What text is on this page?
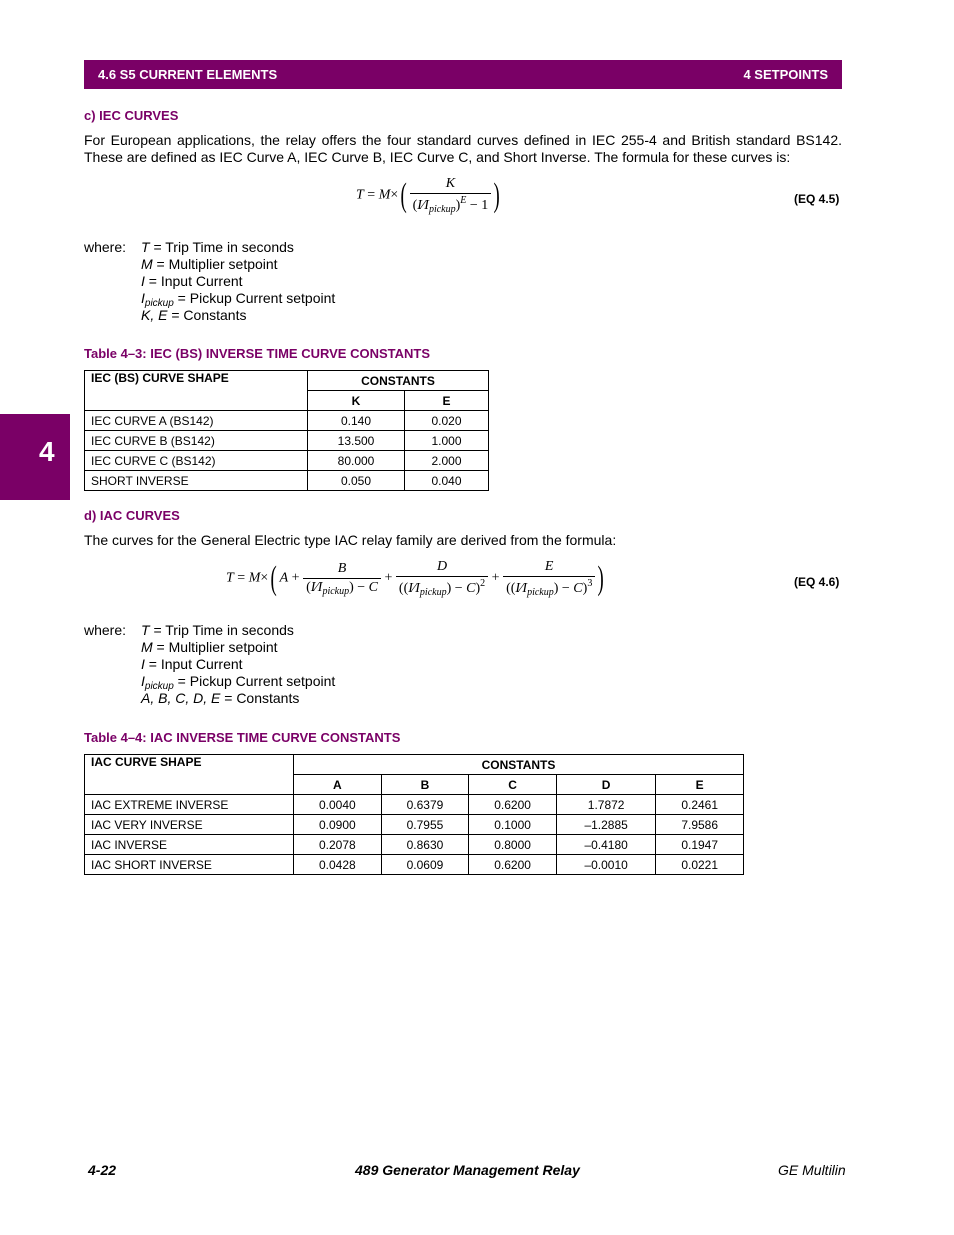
4.6 S5 CURRENT ELEMENTS	4 SETPOINTS
4
c) IEC CURVES
For European applications, the relay offers the four standard curves defined in IEC 255-4 and British standard BS142. These are defined as IEC Curve A, IEC Curve B, IEC Curve C, and Short Inverse. The formula for these curves is:
$T = M\times( \frac{K}{(I⁄I_{pickup})^E - 1}$ )	(EQ 4.5)
where: T = Trip Time in seconds
M = Multiplier setpoint
I = Input Current
$I_{pickup}$ = Pickup Current setpoint
K, E = Constants
Table 4–3: IEC (BS) INVERSE TIME CURVE CONSTANTS
IEC (BS) CURVE SHAPE	CONSTANTS	
	K	E
IEC CURVE A (BS142)	0.140	0.020
IEC CURVE B (BS142)	13.500	1.000
IEC CURVE C (BS142)	80.000	2.000
SHORT INVERSE	0.050	0.040
d) IAC CURVES
The curves for the General Electric type IAC relay family are derived from the formula:
T = M×( $A + \frac{B}{(I⁄I_{pickup}) - C} + \frac{D}{((I⁄I_{pickup}) - C)^2} + \frac{E}{((I⁄I_{pickup}) - C)^3}$ )	(EQ 4.6)
where: T = Trip Time in seconds
M = Multiplier setpoint
I = Input Current
$I_{pickup}$ = Pickup Current setpoint
A, B, C, D, E = Constants
Table 4–4: IAC INVERSE TIME CURVE CONSTANTS
IAC CURVE SHAPE	CONSTANTS				
	A	B	C	D	E
IAC EXTREME INVERSE	0.0040	0.6379	0.6200	1.7872	0.2461
IAC VERY INVERSE	0.0900	0.7955	0.1000	–1.2885	7.9586
IAC INVERSE	0.2078	0.8630	0.8000	–0.4180	0.1947
IAC SHORT INVERSE	0.0428	0.0609	0.6200	–0.0010	0.0221
4-22	489 Generator Management Relay	GE Multilin
